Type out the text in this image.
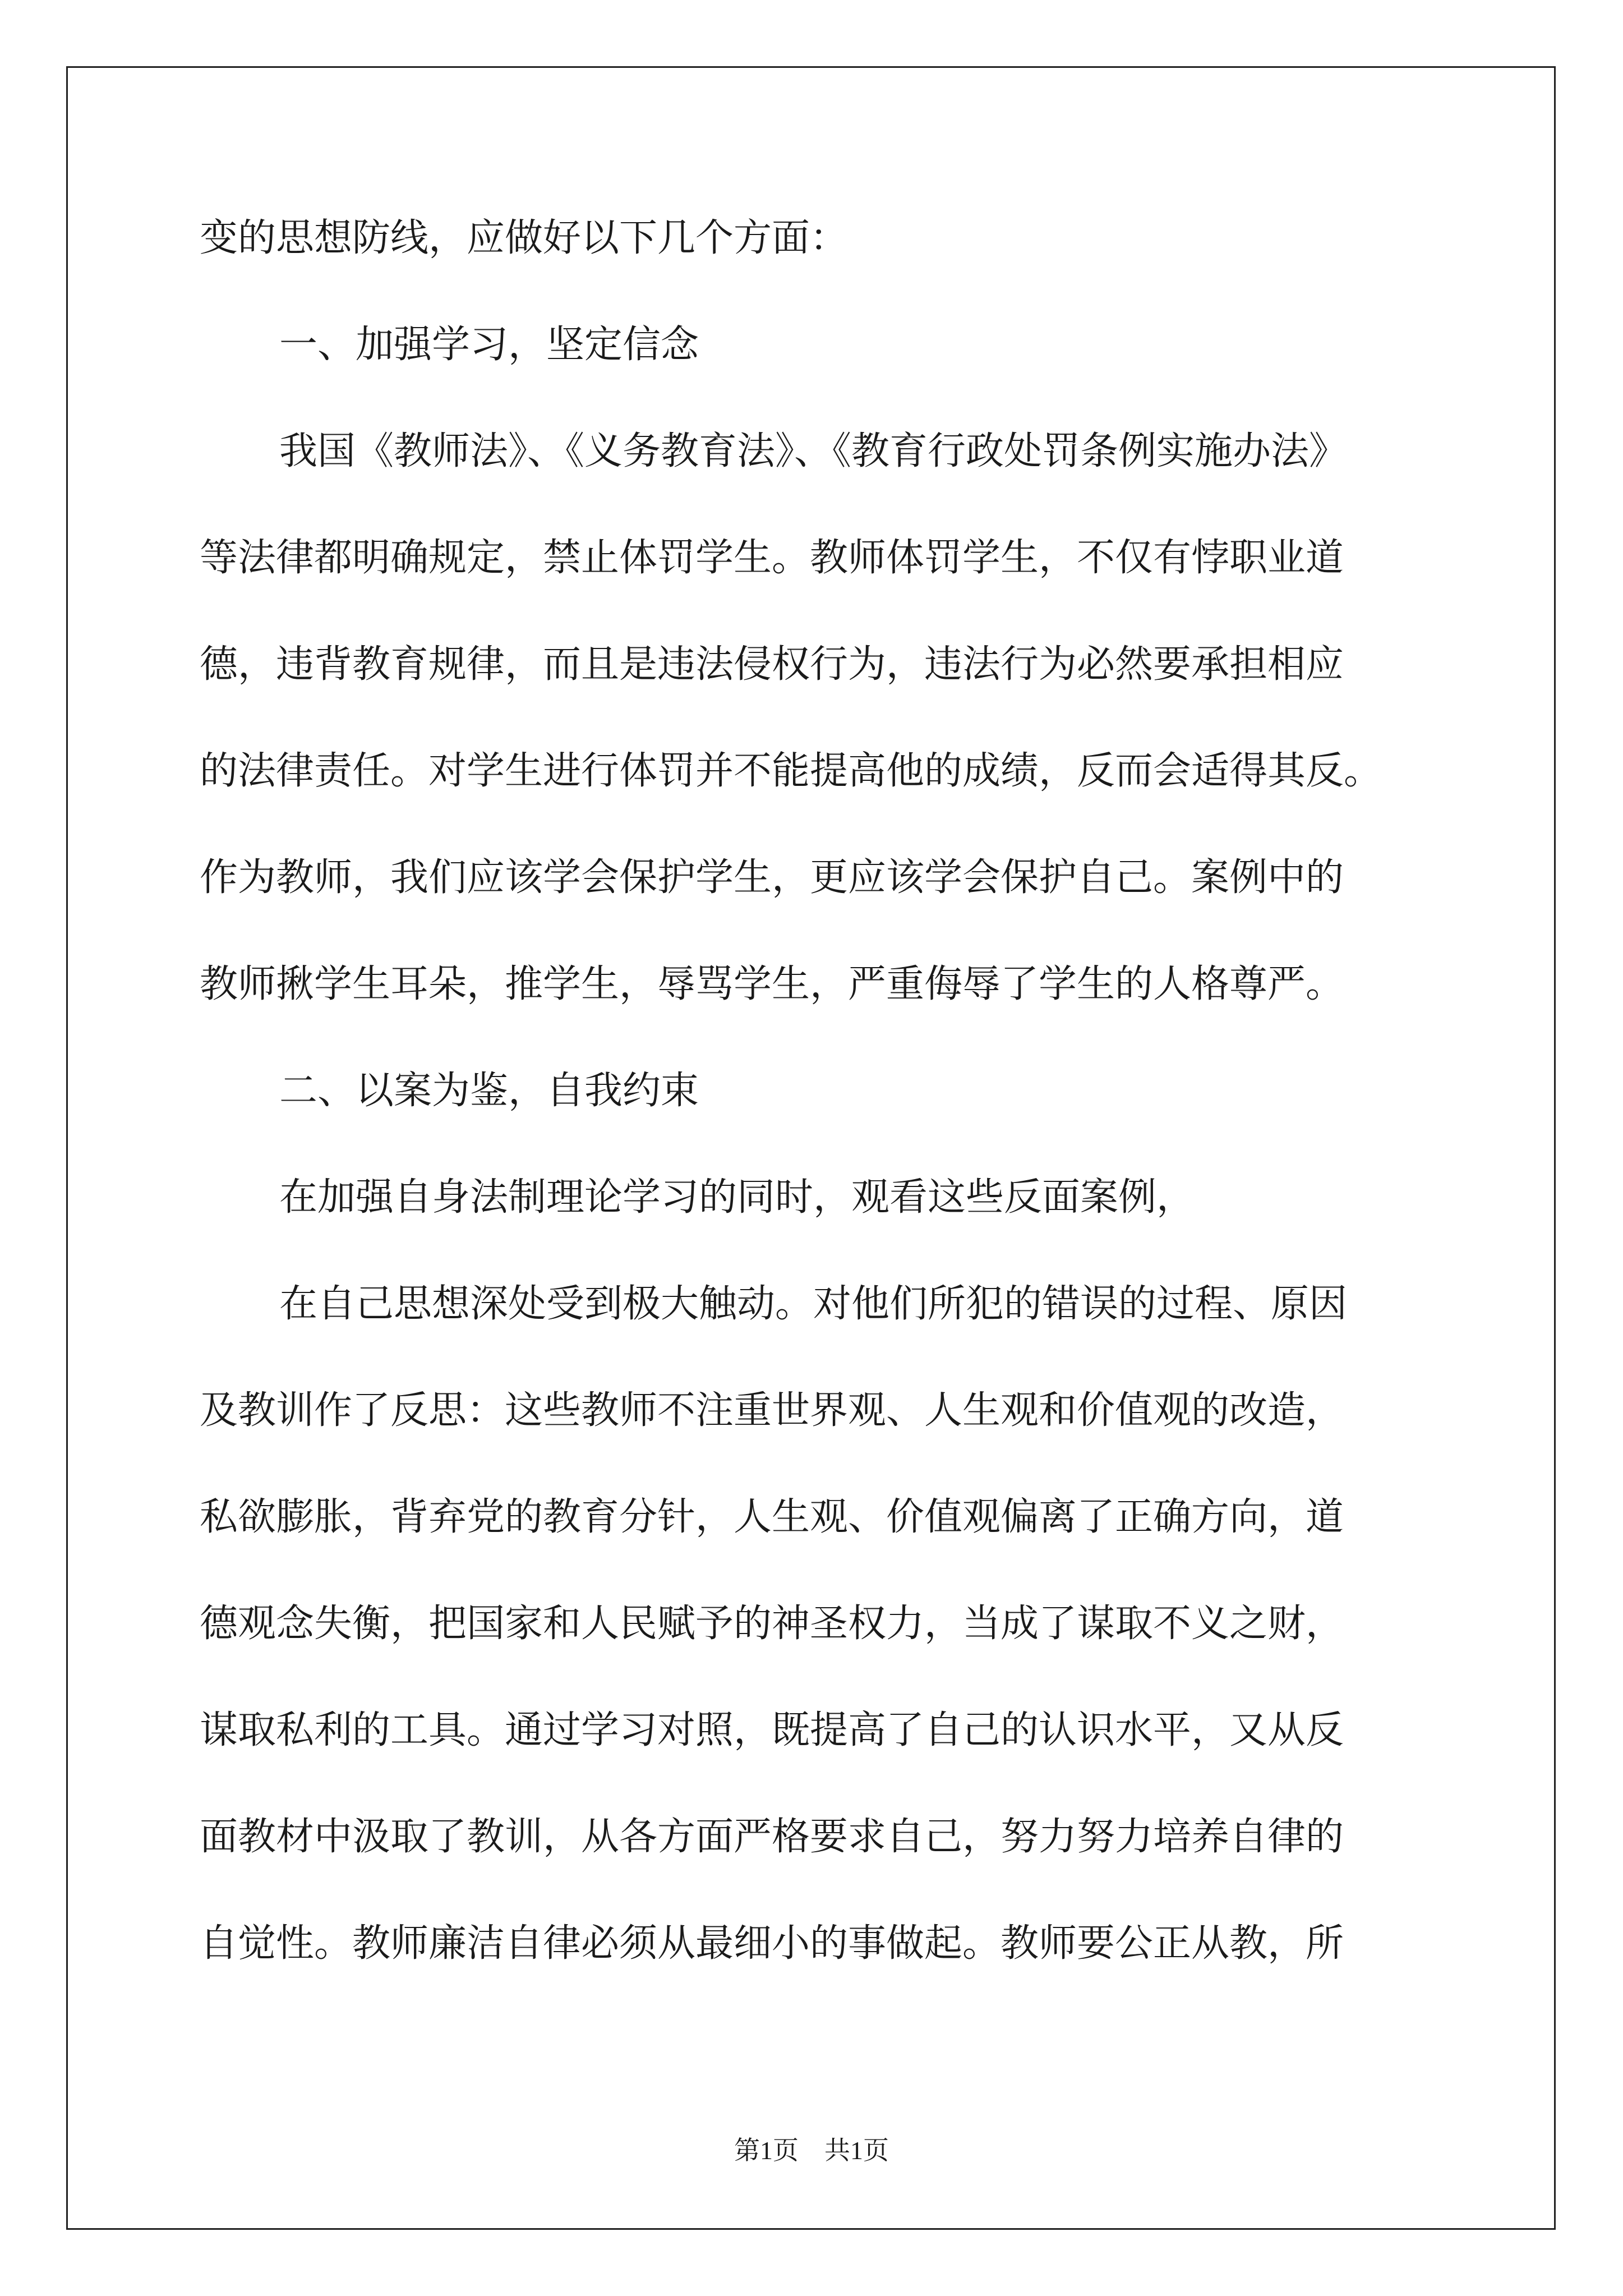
变的思想防线，应做好以下几个方面：
一、加强学习，坚定信念
我国《教师法》、《义务教育法》、《教育行政处罚条例实施办法》
等法律都明确规定，禁止体罚学生。教师体罚学生，不仅有悖职业道
德，违背教育规律，而且是违法侵权行为，违法行为必然要承担相应
的法律责任。对学生进行体罚并不能提高他的成绩，反而会适得其反。
作为教师，我们应该学会保护学生，更应该学会保护自己。案例中的
教师揪学生耳朵，推学生，辱骂学生，严重侮辱了学生的人格尊严。
二、以案为鉴，自我约束
在加强自身法制理论学习的同时，观看这些反面案例，
在自己思想深处受到极大触动。对他们所犯的错误的过程、原因
及教训作了反思：这些教师不注重世界观、人生观和价值观的改造，
私欲膨胀，背弃党的教育分针，人生观、价值观偏离了正确方向，道
德观念失衡，把国家和人民赋予的神圣权力，当成了谋取不义之财，
谋取私利的工具。通过学习对照，既提高了自己的认识水平，又从反
面教材中汲取了教训，从各方面严格要求自己，努力努力培养自律的
自觉性。教师廉洁自律必须从最细小的事做起。教师要公正从教，所
第1页 共1页
